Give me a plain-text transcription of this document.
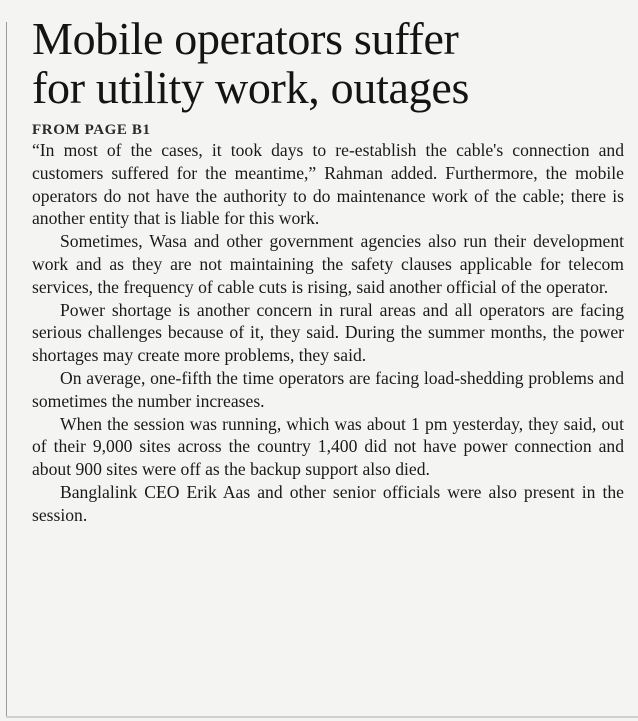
Mobile operators suffer
for utility work, outages
FROM PAGE B1

“In most of the cases, it took days to re-establish the cable's connection and customers suffered for the meantime,” Rahman added. Furthermore, the mobile operators do not have the authority to do maintenance work of the cable; there is another entity that is liable for this work.

Sometimes, Wasa and other government agencies also run their development work and as they are not maintaining the safety clauses applicable for telecom services, the frequency of cable cuts is rising, said another official of the operator.

Power shortage is another concern in rural areas and all operators are facing serious challenges because of it, they said. During the summer months, the power shortages may create more problems, they said.

On average, one-fifth the time operators are facing load-shedding problems and sometimes the number increases.

When the session was running, which was about 1 pm yesterday, they said, out of their 9,000 sites across the country 1,400 did not have power connection and about 900 sites were off as the backup support also died.

Banglalink CEO Erik Aas and other senior officials were also present in the session.
